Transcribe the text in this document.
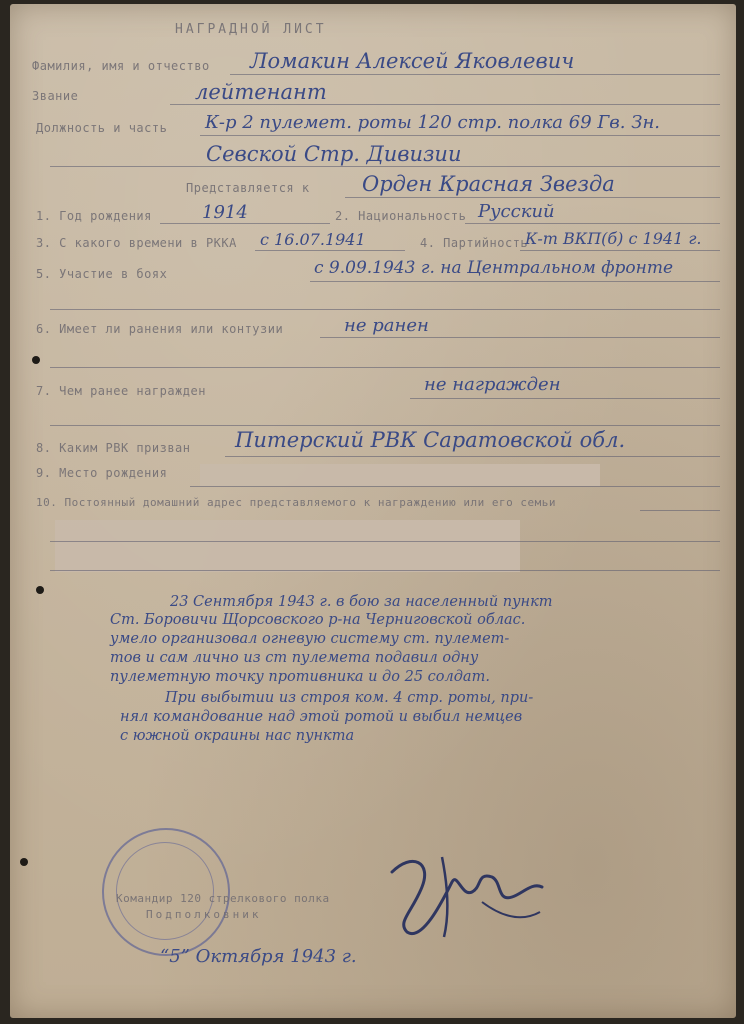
НАГРАДНОЙ ЛИСТ
Фамилия, имя и отчество Ломакин Алексей Яковлевич
Звание	лейтенант
Должность и часть К-р 2 пулемет. роты 120 стр. полка 69 Гв. Зн.
Севской Стр. Дивизии
Представляется к Орден Красная Звезда
1. Год рождения	1914	2. Национальность Русский
3. С какого времени в РККА с 16.07.1941	4. Партийность
К-т ВКП(б) с 1941 г.
5. Участие в боях	с 9.09.1943 г. на Центральном фронте
6. Имеет ли ранения или контузии	не ранен
7. Чем ранее награжден	не награжден
8. Каким РВК призван Питерский РВК Саратовской обл.
9. Место рождения
10. Постоянный домашний адрес представляемого к награждению или его семьи
23 Сентября 1943 г. в бою за населенный пункт
Ст. Боровичи Щорсовского р-на Черниговской облас.
умело организовал огневую систему ст. пулемет-
тов и сам лично из ст пулемета подавил одну
пулеметную точку противника и до 25 солдат.
При выбытии из строя ком. 4 стр. роты, при-
нял командование над этой ротой и выбил немцев
с южной окраины нас пункта
Командир 120 стрелкового полка
Подполковник
“5” Октября 1943 г.
